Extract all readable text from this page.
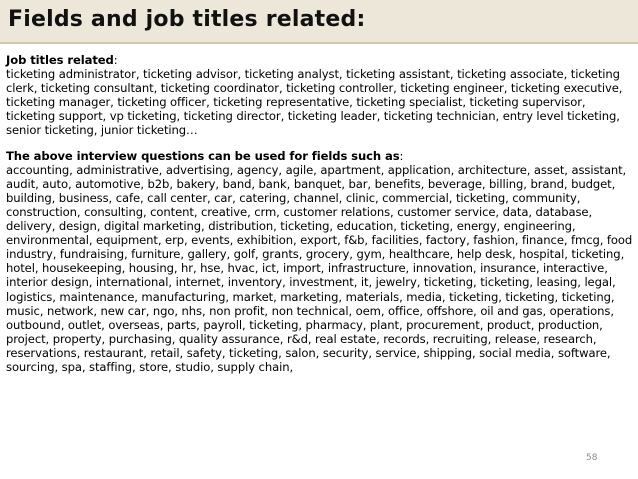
Fields and job titles related:

Job titles related:

ticketing administrator, ticketing advisor, ticketing analyst, ticketing assistant, ticketing associate, ticketing clerk, ticketing consultant, ticketing coordinator, ticketing controller, ticketing engineer, ticketing executive, ticketing manager, ticketing officer, ticketing representative, ticketing specialist, ticketing supervisor, ticketing support, vp ticketing, ticketing director, ticketing leader, ticketing technician, entry level ticketing, senior ticketing, junior ticketing…

The above interview questions can be used for fields such as:

accounting, administrative, advertising, agency, agile, apartment, application, architecture, asset, assistant, audit, auto, automotive, b2b, bakery, band, bank, banquet, bar, benefits, beverage, billing, brand, budget, building, business, cafe, call center, car, catering, channel, clinic, commercial, ticketing, community, construction, consulting, content, creative, crm, customer relations, customer service, data, database, delivery, design, digital marketing, distribution, ticketing, education, ticketing, energy, engineering, environmental, equipment, erp, events, exhibition, export, f&b, facilities, factory, fashion, finance, fmcg, food industry, fundraising, furniture, gallery, golf, grants, grocery, gym, healthcare, help desk, hospital, ticketing, hotel, housekeeping, housing, hr, hse, hvac, ict, import, infrastructure, innovation, insurance, interactive, interior design, international, internet, inventory, investment, it, jewelry, ticketing, ticketing, leasing, legal, logistics, maintenance, manufacturing, market, marketing, materials, media, ticketing, ticketing, ticketing, music, network, new car, ngo, nhs, non profit, non technical, oem, office, offshore, oil and gas, operations, outbound, outlet, overseas, parts, payroll, ticketing, pharmacy, plant, procurement, product, production, project, property, purchasing, quality assurance, r&d, real estate, records, recruiting, release, research, reservations, restaurant, retail, safety, ticketing, salon, security, service, shipping, social media, software, sourcing, spa, staffing, store, studio, supply chain,

58
